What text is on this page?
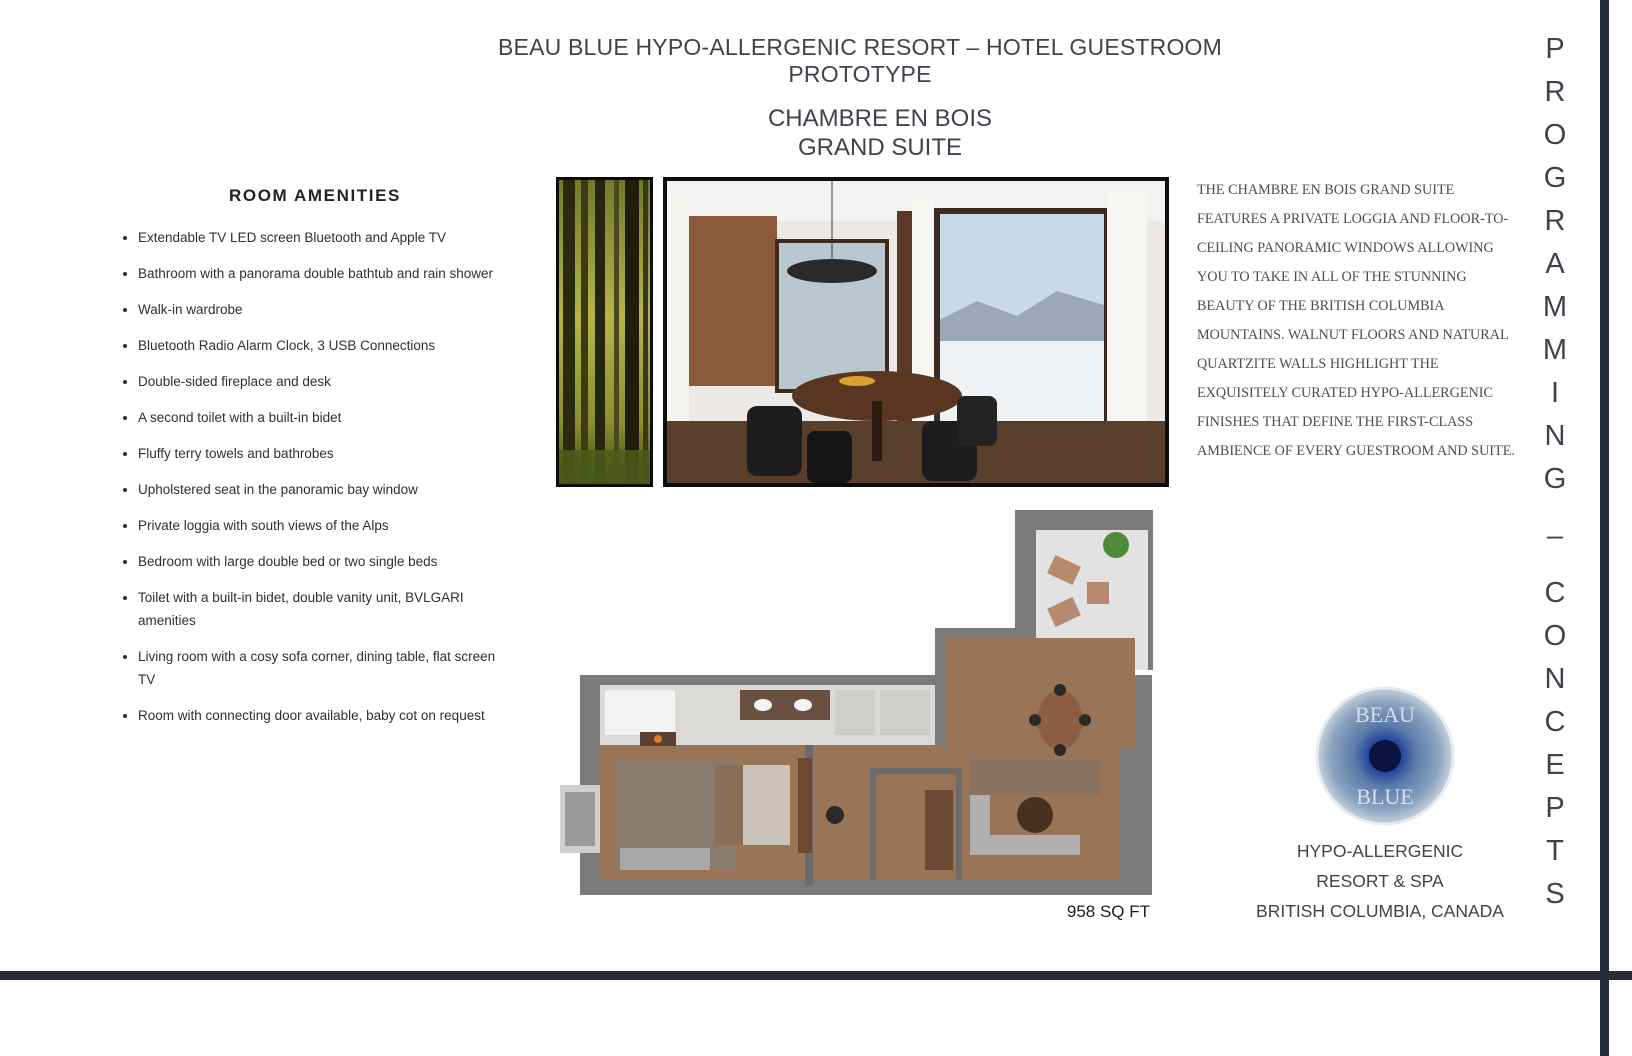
BEAU BLUE HYPO-ALLERGENIC RESORT – HOTEL GUESTROOM PROTOTYPE
CHAMBRE EN BOIS
GRAND SUITE
ROOM AMENITIES
• Extendable TV LED screen Bluetooth and Apple TV
• Bathroom with a panorama double bathtub and rain shower
• Walk-in wardrobe
• Bluetooth Radio Alarm Clock, 3 USB Connections
• Double-sided fireplace and desk
• A second toilet with a built-in bidet
• Fluffy terry towels and bathrobes
• Upholstered seat in the panoramic bay window
• Private loggia with south views of the Alps
• Bedroom with large double bed or two single beds
• Toilet with a built-in bidet, double vanity unit, BVLGARI amenities
• Living room with a cosy sofa corner, dining table, flat screen TV
• Room with connecting door available, baby cot on request
THE CHAMBRE EN BOIS GRAND SUITE FEATURES A PRIVATE LOGGIA AND FLOOR-TO-CEILING PANORAMIC WINDOWS ALLOWING YOU TO TAKE IN ALL OF THE STUNNING BEAUTY OF THE BRITISH COLUMBIA MOUNTAINS. WALNUT FLOORS AND NATURAL QUARTZITE WALLS HIGHLIGHT THE EXQUISITELY CURATED HYPO-ALLERGENIC FINISHES THAT DEFINE THE FIRST-CLASS AMBIENCE OF EVERY GUESTROOM AND SUITE.
958 SQ FT
BEAU
BLUE
HYPO-ALLERGENIC
RESORT & SPA
BRITISH COLUMBIA, CANADA
P
R
O
G
R
A
M
M
I
N
G
–
C
O
N
C
E
P
T
S
